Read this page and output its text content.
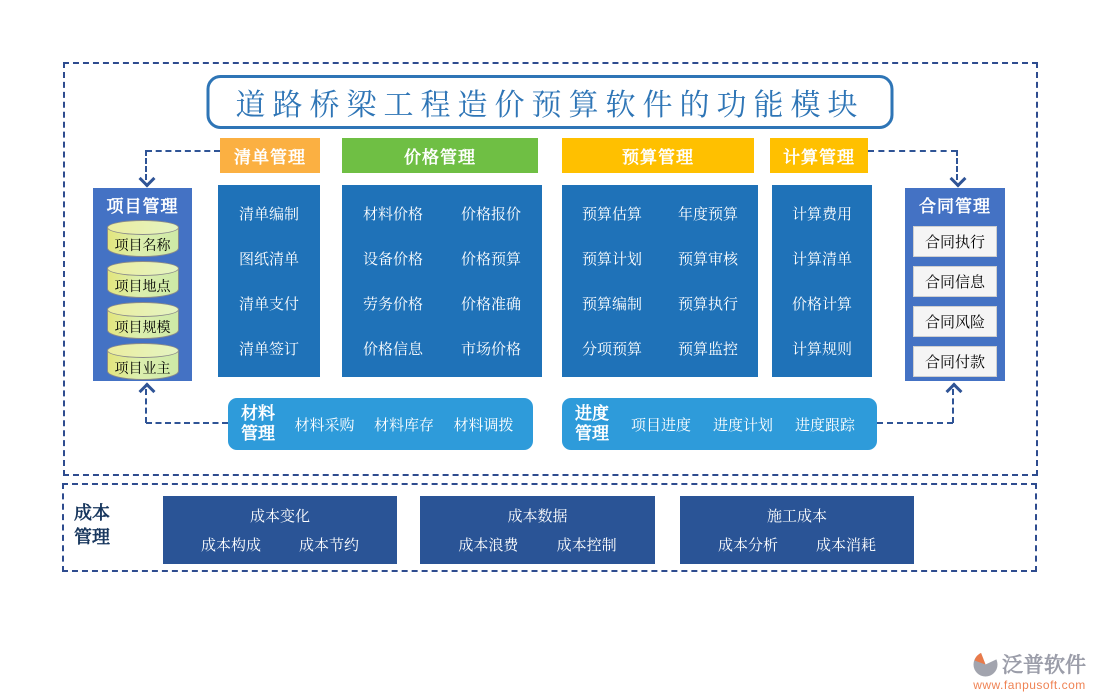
道路桥梁工程造价预算软件的功能模块
清单管理	价格管理	预算管理	计算管理
清单编制
图纸清单
清单支付
清单签订
材料价格	价格报价
设备价格	价格预算
劳务价格	价格准确
价格信息	市场价格
预算估算 年度预算
预算计划 预算审核
预算编制 预算执行
分项预算 预算监控
计算费用
计算清单
价格计算
计算规则
项目管理
项目名称
项目地点
项目规模
项目业主
合同管理
合同执行
合同信息
合同风险
合同付款
材料
管理 材料采购 材料库存 材料调拨
进度
管理 项目进度 进度计划 进度跟踪
成本
管理
成本变化
成本构成	成本节约
成本数据
成本浪费	成本控制
施工成本
成本分析	成本消耗
泛普软件
www.fanpusoft.com
